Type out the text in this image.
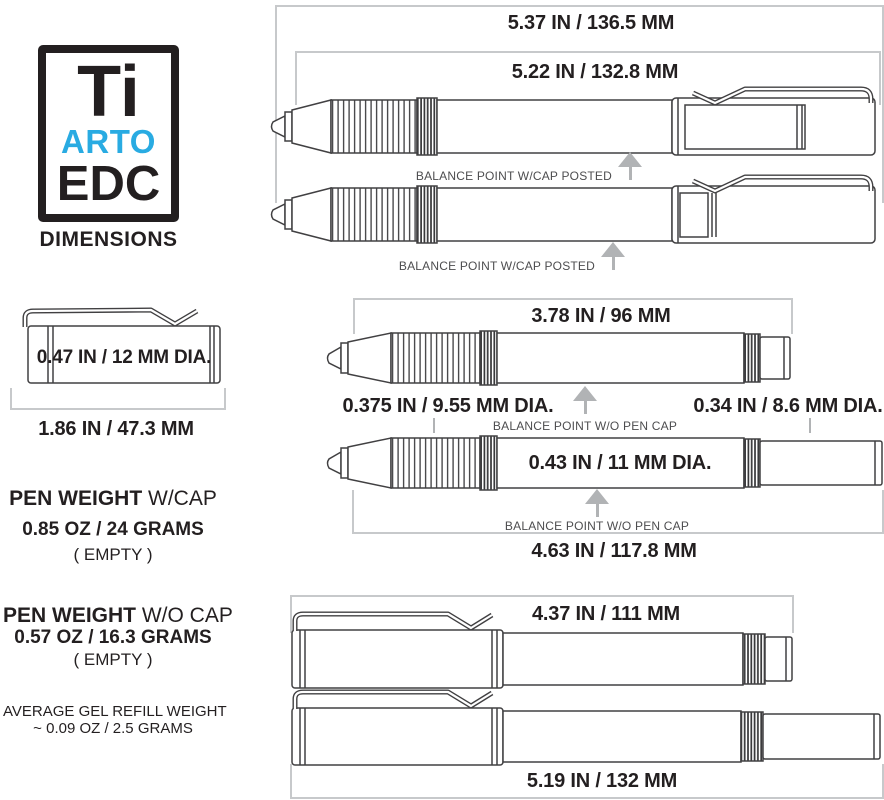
Ti
ARTO
EDC
DIMENSIONS
5.37 IN / 136.5 MM
5.22 IN / 132.8 MM
3.78 IN / 96 MM
0.47 IN / 12 MM DIA.
1.86 IN / 47.3 MM
0.375 IN / 9.55 MM DIA.	0.34 IN / 8.6 MM DIA.
0.43 IN / 11 MM DIA.
4.63 IN / 117.8 MM
4.37 IN / 111 MM
5.19 IN / 132 MM
BALANCE POINT W/CAP POSTED
BALANCE POINT W/CAP POSTED
BALANCE POINT W/O PEN CAP
BALANCE POINT W/O PEN CAP
PEN WEIGHT W/CAP
0.85 OZ / 24 GRAMS
( EMPTY )
PEN WEIGHT W/O CAP
0.57 OZ / 16.3 GRAMS
( EMPTY )
AVERAGE GEL REFILL WEIGHT
~ 0.09 OZ / 2.5 GRAMS
